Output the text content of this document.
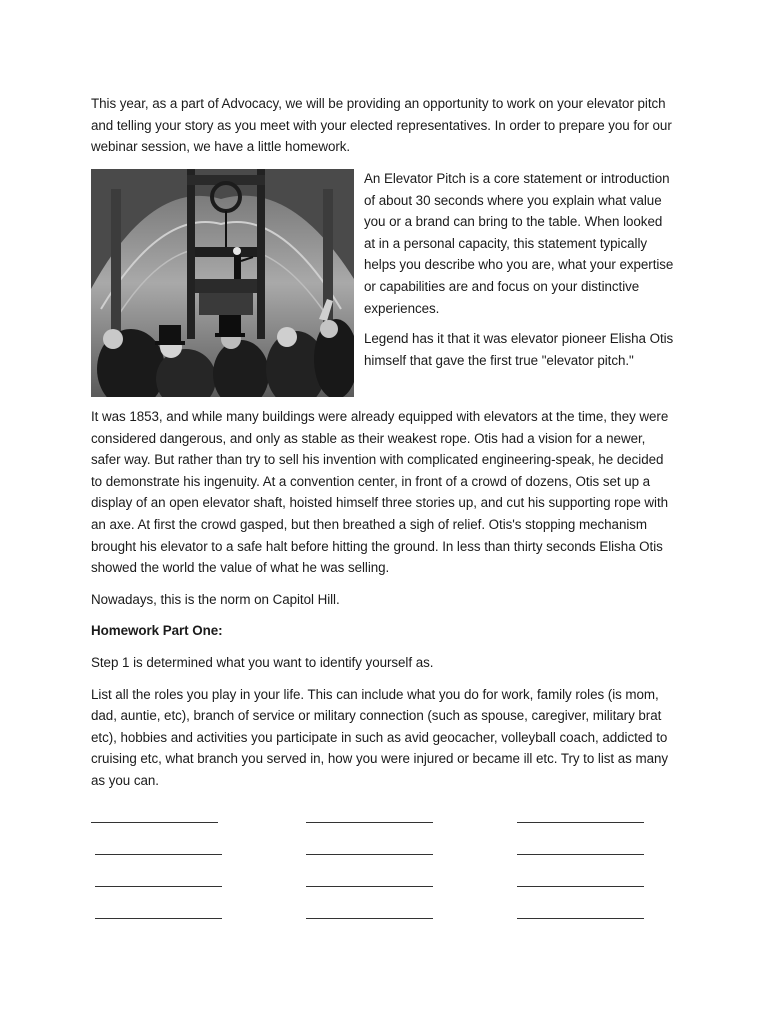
This year, as a part of Advocacy, we will be providing an opportunity to work on your elevator pitch and telling your story as you meet with your elected representatives. In order to prepare you for our webinar session, we have a little homework.

An Elevator Pitch is a core statement or introduction of about 30 seconds where you explain what value you or a brand can bring to the table. When looked at in a personal capacity, this statement typically helps you describe who you are, what your expertise or capabilities are and focus on your distinctive experiences.

Legend has it that it was elevator pioneer Elisha Otis himself that gave the first true "elevator pitch."

It was 1853, and while many buildings were already equipped with elevators at the time, they were considered dangerous, and only as stable as their weakest rope. Otis had a vision for a newer, safer way. But rather than try to sell his invention with complicated engineering-speak, he decided to demonstrate his ingenuity. At a convention center, in front of a crowd of dozens, Otis set up a display of an open elevator shaft, hoisted himself three stories up, and cut his supporting rope with an axe. At first the crowd gasped, but then breathed a sigh of relief. Otis's stopping mechanism brought his elevator to a safe halt before hitting the ground. In less than thirty seconds Elisha Otis showed the world the value of what he was selling.

Nowadays, this is the norm on Capitol Hill.

Homework Part One:

Step 1 is determined what you want to identify yourself as.

List all the roles you play in your life. This can include what you do for work, family roles (is mom, dad, auntie, etc), branch of service or military connection (such as spouse, caregiver, military brat etc), hobbies and activities you participate in such as avid geocacher, volleyball coach, addicted to cruising etc, what branch you served in, how you were injured or became ill etc. Try to list as many as you can.
